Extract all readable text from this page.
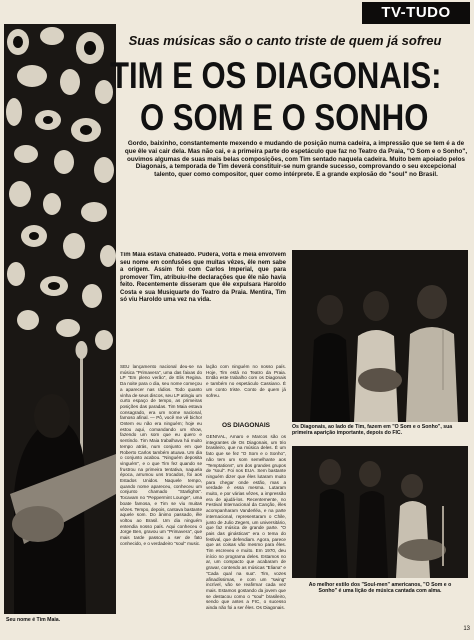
TV-TUDO
Seu nome é Tim Maia.
Suas músicas são o canto triste de quem já sofreu
TIM E OS DIAGONAIS:
O SOM E O SONHO
Gordo, baixinho, constantemente mexendo e mudando de posição numa cadeira, a impressão que se tem é a de que êle vai cair dela. Mas não cai, e a primeira parte do espetáculo que faz no Teatro da Praia, "O Som e o Sonho", ouvimos algumas de suas mais belas composições, com Tim sentado naquela cadeira. Muito bem apoiado pelos Diagonais, a temporada de Tim deverá constituir-se num grande sucesso, comprovando o seu excepcional talento, quer como compositor, quer como intérprete. E a grande explosão do "soul" no Brasil.
Tim Maia estava chateado. Pudera, volta e meia envolvem seu nome em confusões que muitas vêzes, êle nem sabe a origem. Assim foi com Carlos Imperial, que para promover Tim, atribuiu-lhe declarações que êle não havia feito. Recentemente disseram que êle expulsara Haroldo Costa e sua Musiquarte do Teatro da Praia. Mentira, Tim só viu Haroldo uma vez na vida.
SEU lançamento nacional deu-se na música "Primavera", uma das faixas do LP "Em pleno verão", de Elis Regina. Da noite para o dia, seu nome começou a aparecer nas rádios. Todo quanto vinha de seus discos, seu LP atingiu um curto espaço de tempo, as primeiras posições das paradas. Tim Maia estava consagrado, era um nome nacional, famoso afinal. — Pô, você me vê bicho! Ontem eu não era ninguém; hoje eu estou aqui, comandando um show, fazendo um som que eu quero e sentindo. Tim Maia trabalhava há muito tempo atrás, num conjunto em que Roberto Carlos também atuava. Um dia o conjunto acabou. "Ninguém deposita vinguém", e o que Tim fez quando se frustrou na primeira tentativa, naquela época, arrumou uns trocados, foi aos Estados Unidos. Naquele tempo, quando nome apareceu, conheceu um conjunto chamado "Starlights". Tocavam no "Peppermint Lounge", uma boate famosa, e Tim se viu muitas vêzes. Tempo, depois, cantava bastante aquele som. Do ânimo passado, êle voltou ao Brasil. Um dia ninguém entendia nosso país. Aqui conheceu o Jorge Ben, gravou um "Primavera", que mais tarde passou a ser de fato conhecido, e o verdadeiro "soul" music.
lação com ninguém no nosso país. Hoje, Tim está no Teatro da Praia. Então este trabalho com os Diagonais e também no espetáculo Cassiano. É um conto triste. Conto de quem já sofreu.
OS DIAGONAIS
GENIVAL, Amaro e Marcos são os integrantes de Os Diagonais, um trio brasileiro, que na música deles. É um fato que se fez "O Som e o Sonho", não tem um som semelhante aos "Temptations", um dos grandes grupos de "soul". Foi nos EUA. Sem bastante ninguém dizer que êles lutaram muito para chegar onde estão, mas a verdade é essa mesma. Lutaram muito, e por várias vêzes, a impressão era de ajudá-los. Recentemente, no Festival Internacional da Canção, êles acompanharam Vanderléa, e na parte internacional, representaram o Chile, junto de Julio Zegers, um universitário, que faz música de grande parte. "O pais das ginásticas" era o tema do festival, que defendiam. Agora, parece que as coisas vão mesmo para êles. Tim escreveu e muito. Em 1970, deu início no programa deles. Estamos no ar, um compacto que acabaram de gravar, contendo as músicas "Eliana" e "Cada qual na sua". Tim, vozes afinadíssimas, e com um "swing" incrível, vão se reafirmar cada vez mais. Estamos gostando da jovem que se destacou como o "soul" brasileiro, sendo que antes a FIC, o sucesso ainda não foi a ser êles. Os Diagonais.
Os Diagonais, ao lado de Tim, fazem em "O Som e o Sonho", sua primeira aparição importante, depois do FIC.
Ao melhor estilo dos "Soul-men" americanos, "O Som e o Sonho" é uma lição de música cantada com alma.
13
